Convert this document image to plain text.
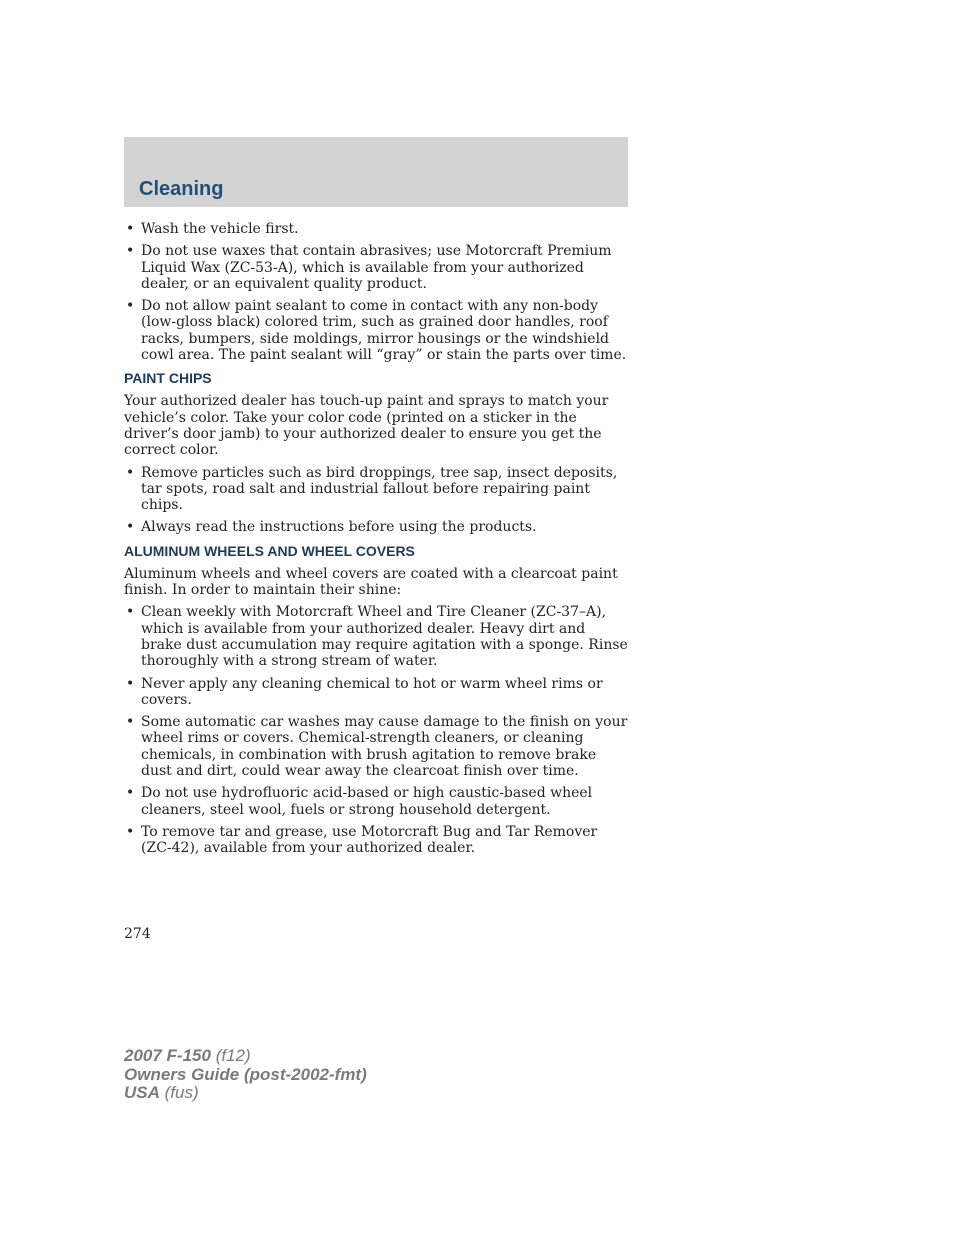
Cleaning
• Wash the vehicle first.
• Do not use waxes that contain abrasives; use Motorcraft Premium Liquid Wax (ZC-53-A), which is available from your authorized dealer, or an equivalent quality product.
• Do not allow paint sealant to come in contact with any non-body (low-gloss black) colored trim, such as grained door handles, roof racks, bumpers, side moldings, mirror housings or the windshield cowl area. The paint sealant will “gray” or stain the parts over time.
PAINT CHIPS

Your authorized dealer has touch-up paint and sprays to match your vehicle’s color. Take your color code (printed on a sticker in the driver’s door jamb) to your authorized dealer to ensure you get the correct color.

• Remove particles such as bird droppings, tree sap, insect deposits, tar spots, road salt and industrial fallout before repairing paint chips.
• Always read the instructions before using the products.
ALUMINUM WHEELS AND WHEEL COVERS

Aluminum wheels and wheel covers are coated with a clearcoat paint finish. In order to maintain their shine:

• Clean weekly with Motorcraft Wheel and Tire Cleaner (ZC-37–A), which is available from your authorized dealer. Heavy dirt and brake dust accumulation may require agitation with a sponge. Rinse thoroughly with a strong stream of water.
• Never apply any cleaning chemical to hot or warm wheel rims or covers.
• Some automatic car washes may cause damage to the finish on your wheel rims or covers. Chemical-strength cleaners, or cleaning chemicals, in combination with brush agitation to remove brake dust and dirt, could wear away the clearcoat finish over time.
• Do not use hydrofluoric acid-based or high caustic-based wheel cleaners, steel wool, fuels or strong household detergent.
• To remove tar and grease, use Motorcraft Bug and Tar Remover (ZC-42), available from your authorized dealer.
274
2007 F-150 (f12)
Owners Guide (post-2002-fmt)
USA (fus)
